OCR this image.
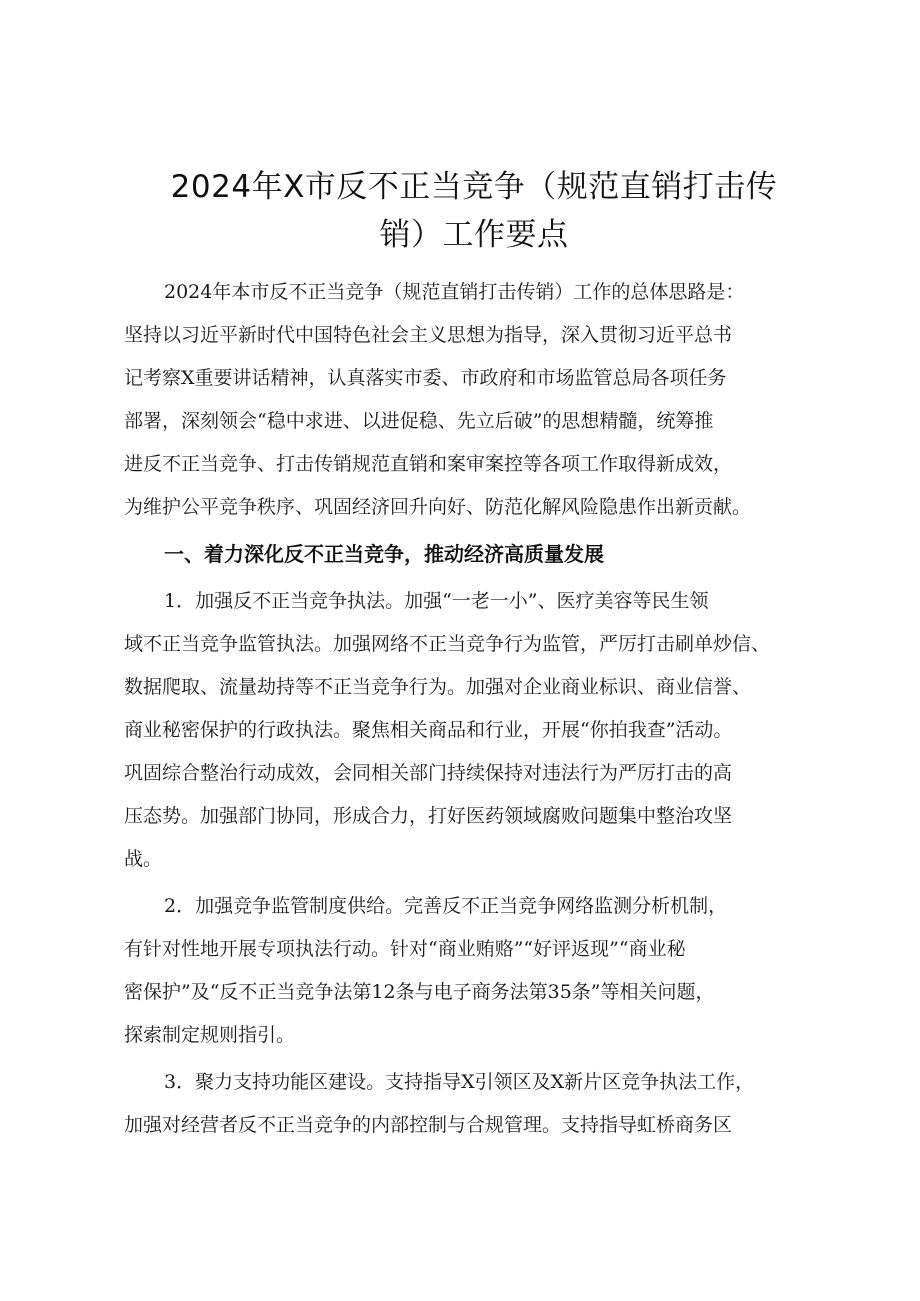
2024年X市反不正当竞争（规范直销打击传
销）工作要点

2024年本市反不正当竞争（规范直销打击传销）工作的总体思路是：
坚持以习近平新时代中国特色社会主义思想为指导，深入贯彻习近平总书
记考察X重要讲话精神，认真落实市委、市政府和市场监管总局各项任务
部署，深刻领会“稳中求进、以进促稳、先立后破”的思想精髓，统筹推
进反不正当竞争、打击传销规范直销和案审案控等各项工作取得新成效，
为维护公平竞争秩序、巩固经济回升向好、防范化解风险隐患作出新贡献。

一、着力深化反不正当竞争，推动经济高质量发展

1．加强反不正当竞争执法。加强“一老一小”、医疗美容等民生领
域不正当竞争监管执法。加强网络不正当竞争行为监管，严厉打击刷单炒信、
数据爬取、流量劫持等不正当竞争行为。加强对企业商业标识、商业信誉、
商业秘密保护的行政执法。聚焦相关商品和行业，开展“你拍我查”活动。
巩固综合整治行动成效，会同相关部门持续保持对违法行为严厉打击的高
压态势。加强部门协同，形成合力，打好医药领域腐败问题集中整治攻坚
战。

2．加强竞争监管制度供给。完善反不正当竞争网络监测分析机制，
有针对性地开展专项执法行动。针对“商业贿赂”“好评返现”“商业秘
密保护”及“反不正当竞争法第12条与电子商务法第35条”等相关问题，
探索制定规则指引。

3．聚力支持功能区建设。支持指导X引领区及X新片区竞争执法工作，
加强对经营者反不正当竞争的内部控制与合规管理。支持指导虹桥商务区
